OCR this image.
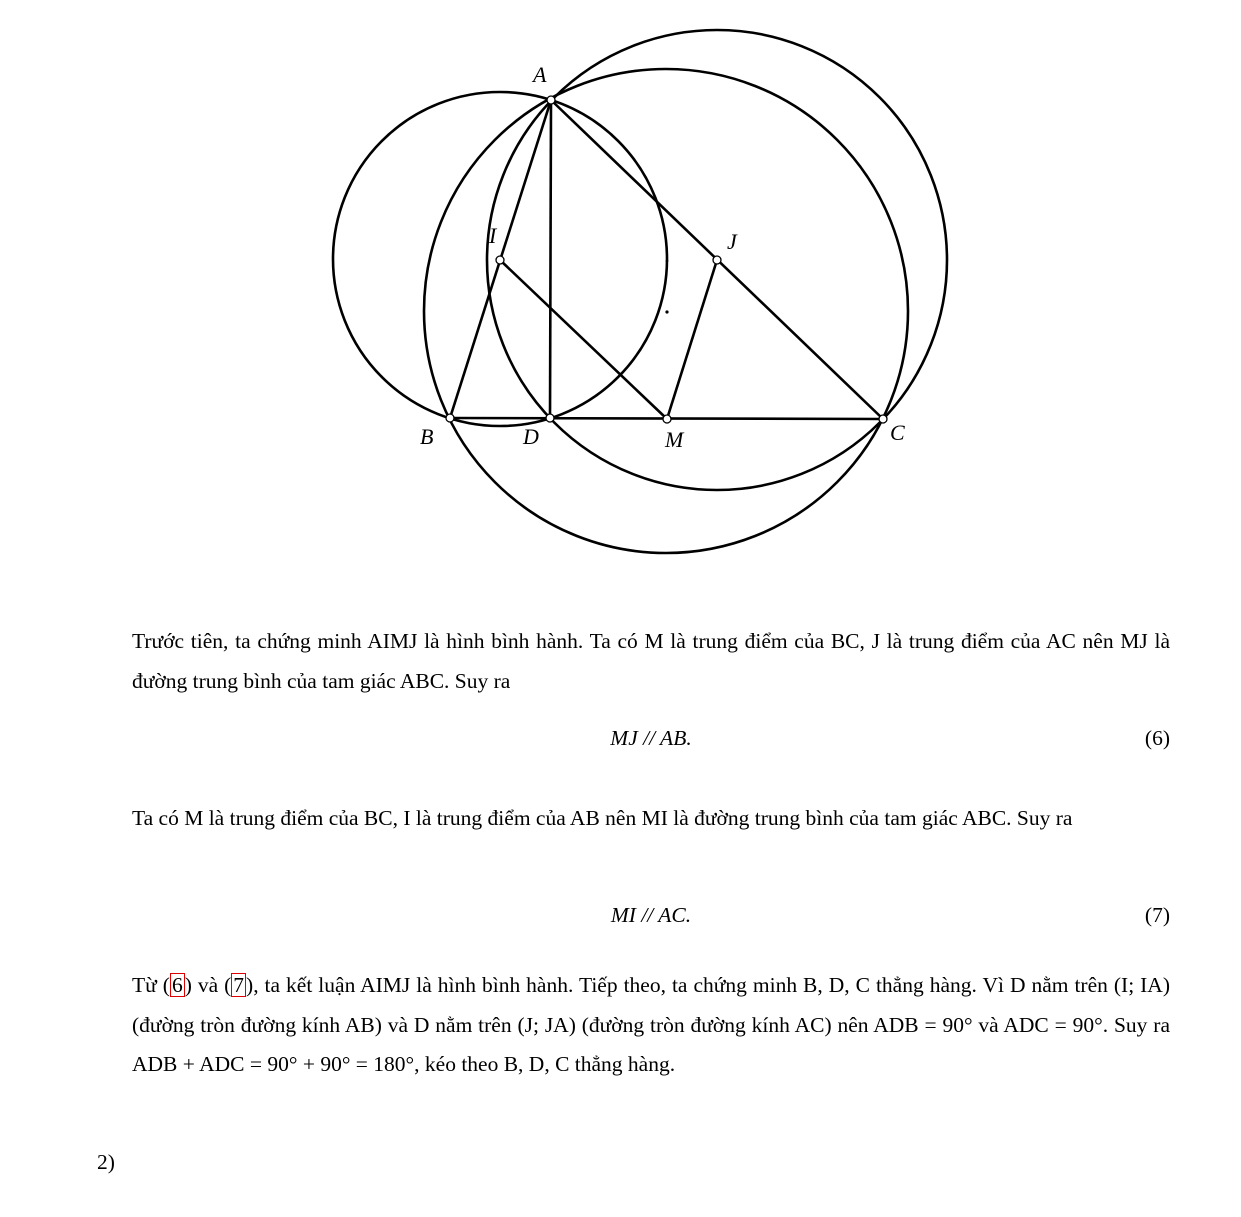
A
B	C
D
I	J
M
Trước tiên, ta chứng minh AIMJ là hình bình hành. Ta có M là trung điểm của BC, J là trung điểm của AC nên MJ là đường trung bình của tam giác ABC. Suy ra
MJ // AB.	(6)
Ta có M là trung điểm của BC, I là trung điểm của AB nên MI là đường trung bình của tam giác ABC. Suy ra
MI // AC.	(7)
Từ (6) và (7), ta kết luận AIMJ là hình bình hành. Tiếp theo, ta chứng minh B, D, C thẳng hàng. Vì D nằm trên (I; IA) (đường tròn đường kính AB) và D nằm trên (J; JA) (đường tròn đường kính AC) nên ADB = 90° và ADC = 90°. Suy ra ADB + ADC = 90° + 90° = 180°, kéo theo B, D, C thẳng hàng.
2)
